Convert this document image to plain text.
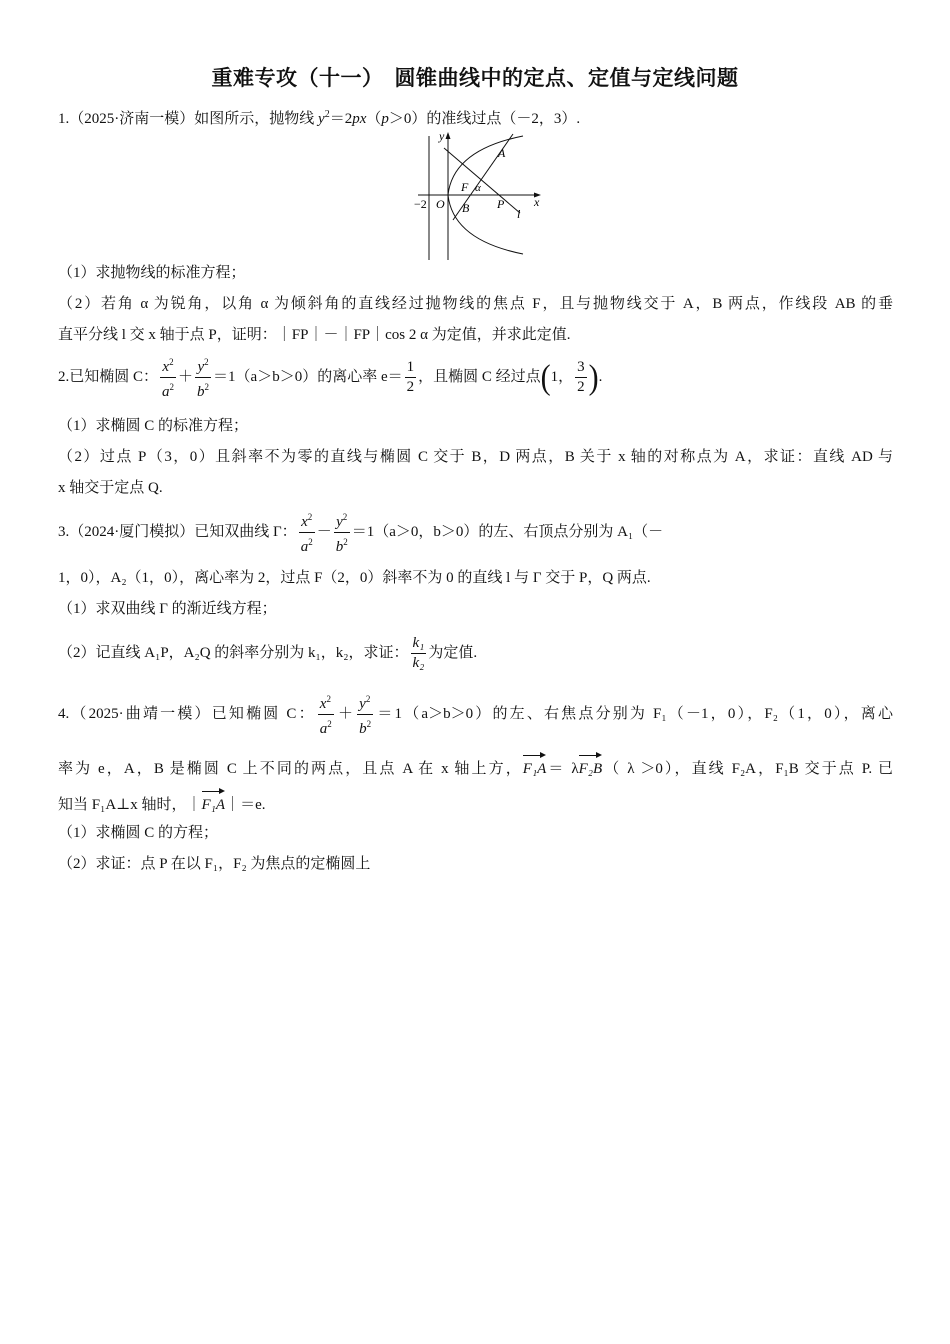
重难专攻（十一）　圆锥曲线中的定点、定值与定线问题
1.（2025·济南一模）如图所示，抛物线 $y^2=2px(p>0)$的准线过点（－2，3）.
y
x
A
F α
−2 O B P
l
（1）求抛物线的标准方程；
（2）若角 α 为锐角，以角 α 为倾斜角的直线经过抛物线的焦点 F，且与抛物线交于 A，B 两点，作线段 AB 的垂
直平分线 l 交 x 轴于点 P，证明：｜FP｜－｜FP｜cos 2 α 为定值，并求此定值.
2.已知椭圆 C： $\frac{x^2}{a^2} + \frac{y^2}{b^2} =1(a>b>0)$的离心率 $e= \frac{1}{2}$ ，且椭圆 C 经过点(1， $\frac{3}{2}$ ).
（1）求椭圆 C 的标准方程；
（2）过点 P（3，0）且斜率不为零的直线与椭圆 C 交于 B，D 两点，B 关于 x 轴的对称点为 A，求证：直线 AD 与
x 轴交于定点 Q.
3.（2024·厦门模拟）已知双曲线 Γ： $\frac{x^2}{a^2} - \frac{y^2}{b^2} =1(a>0$，b＞0）的左、右顶点分别为 A₁（－
1，0），A₂（1，0），离心率为 2，过点 F（2，0）斜率不为 0 的直线 l 与 Γ 交于 P，Q 两点.
（1）求双曲线 Γ 的渐近线方程；
（2）记直线 A₁P，A₂Q 的斜率分别为 k₁，k₂，求证： $\frac{\text{k₁}}{\text{k₂}}$ 为定值.
4.（2025·曲靖一模）已知椭圆 C： $\frac{x^2}{a^2} + \frac{y^2}{b^2} =1(a>b>0)$的左、右焦点分别为 F₁（－1，0），F₂（1，0），离心
率为 e，A，B 是椭圆 C 上不同的两点，且点 A 在 x 轴上方，F₁A＝ λF₂B（ λ ＞0），直线 F₂A，F₁B 交于点 P. 已
知当 F₁A⊥x 轴时，｜F₁A｜＝e.
（1）求椭圆 C 的方程；
（2）求证：点 P 在以 F₁，F₂ 为焦点的定椭圆上
